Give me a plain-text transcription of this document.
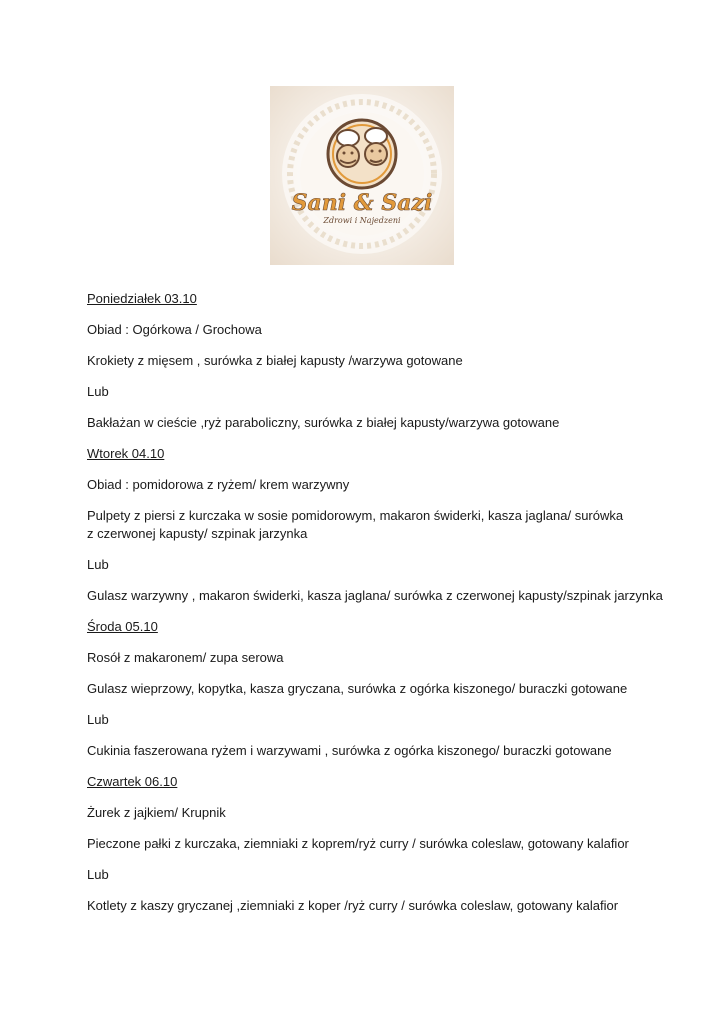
Sani & Sazi
Zdrowi i Najedzeni
Poniedziałek 03.10
Obiad : Ogórkowa / Grochowa
Krokiety z mięsem , surówka z białej kapusty /warzywa gotowane
Lub
Bakłażan w cieście ,ryż paraboliczny, surówka z białej kapusty/warzywa gotowane
Wtorek 04.10
Obiad : pomidorowa z ryżem/ krem warzywny
Pulpety z piersi z kurczaka w sosie pomidorowym, makaron świderki, kasza jaglana/ surówka z czerwonej kapusty/ szpinak jarzynka
Lub
Gulasz warzywny , makaron świderki, kasza jaglana/ surówka z czerwonej kapusty/szpinak jarzynka
Środa 05.10
Rosół z makaronem/ zupa serowa
Gulasz wieprzowy, kopytka, kasza gryczana, surówka z ogórka kiszonego/ buraczki gotowane
Lub
Cukinia faszerowana ryżem i warzywami , surówka z ogórka kiszonego/ buraczki gotowane
Czwartek 06.10
Żurek z jajkiem/ Krupnik
Pieczone pałki z kurczaka, ziemniaki z koprem/ryż curry / surówka coleslaw, gotowany kalafior
Lub
Kotlety z kaszy gryczanej ,ziemniaki z koper /ryż curry / surówka coleslaw, gotowany kalafior
